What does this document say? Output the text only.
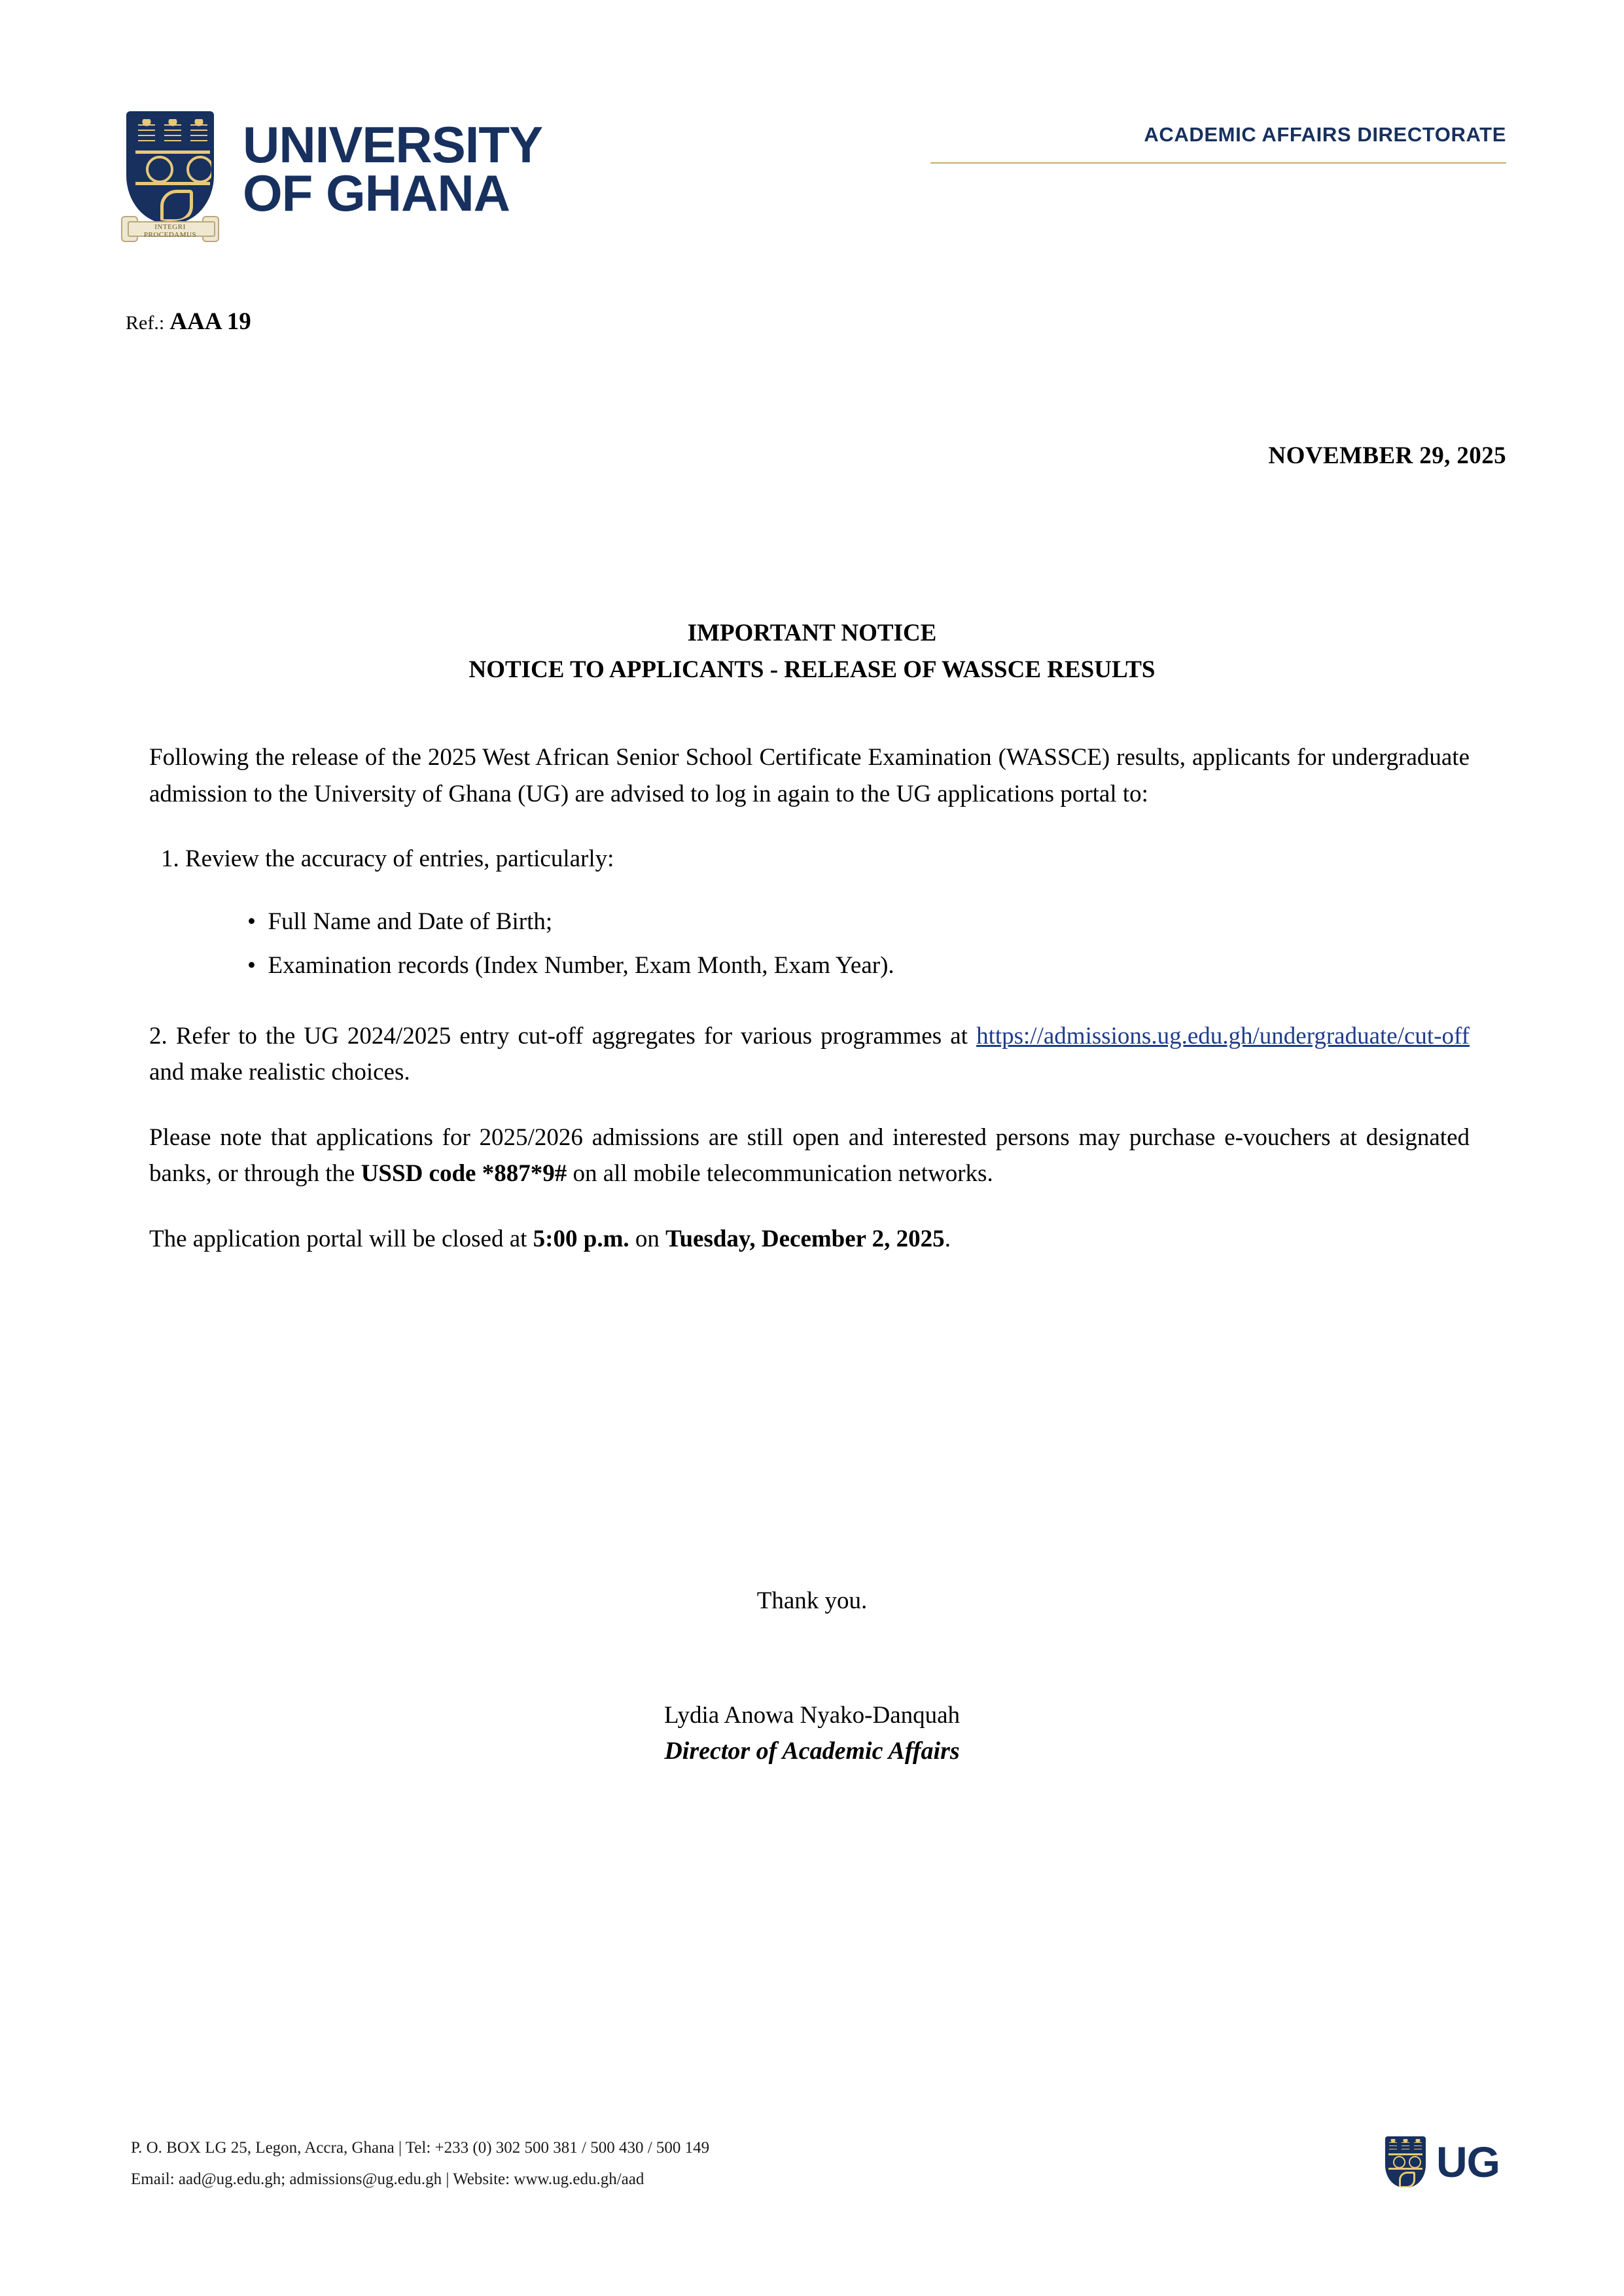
INTEGRI PROCEDAMUS
UNIVERSITY
OF GHANA
ACADEMIC AFFAIRS DIRECTORATE
Ref.: AAA 19
NOVEMBER 29, 2025
IMPORTANT NOTICE
NOTICE TO APPLICANTS - RELEASE OF WASSCE RESULTS

Following the release of the 2025 West African Senior School Certificate Examination (WASSCE) results, applicants for undergraduate admission to the University of Ghana (UG) are advised to log in again to the UG applications portal to:

1. Review the accuracy of entries, particularly:

•  Full Name and Date of Birth;
•  Examination records (Index Number, Exam Month, Exam Year).

2. Refer to the UG 2024/2025 entry cut-off aggregates for various programmes at https://admissions.ug.edu.gh/undergraduate/cut-off and make realistic choices.

Please note that applications for 2025/2026 admissions are still open and interested persons may purchase e-vouchers at designated banks, or through the USSD code *887*9# on all mobile telecommunication networks.

The application portal will be closed at 5:00 p.m. on Tuesday, December 2, 2025.

Thank you.
Lydia Anowa Nyako-Danquah
Director of Academic Affairs
P. O. BOX LG 25, Legon, Accra, Ghana | Tel: +233 (0) 302 500 381 / 500 430 / 500 149
Email: aad@ug.edu.gh; admissions@ug.edu.gh | Website: www.ug.edu.gh/aad	UG
